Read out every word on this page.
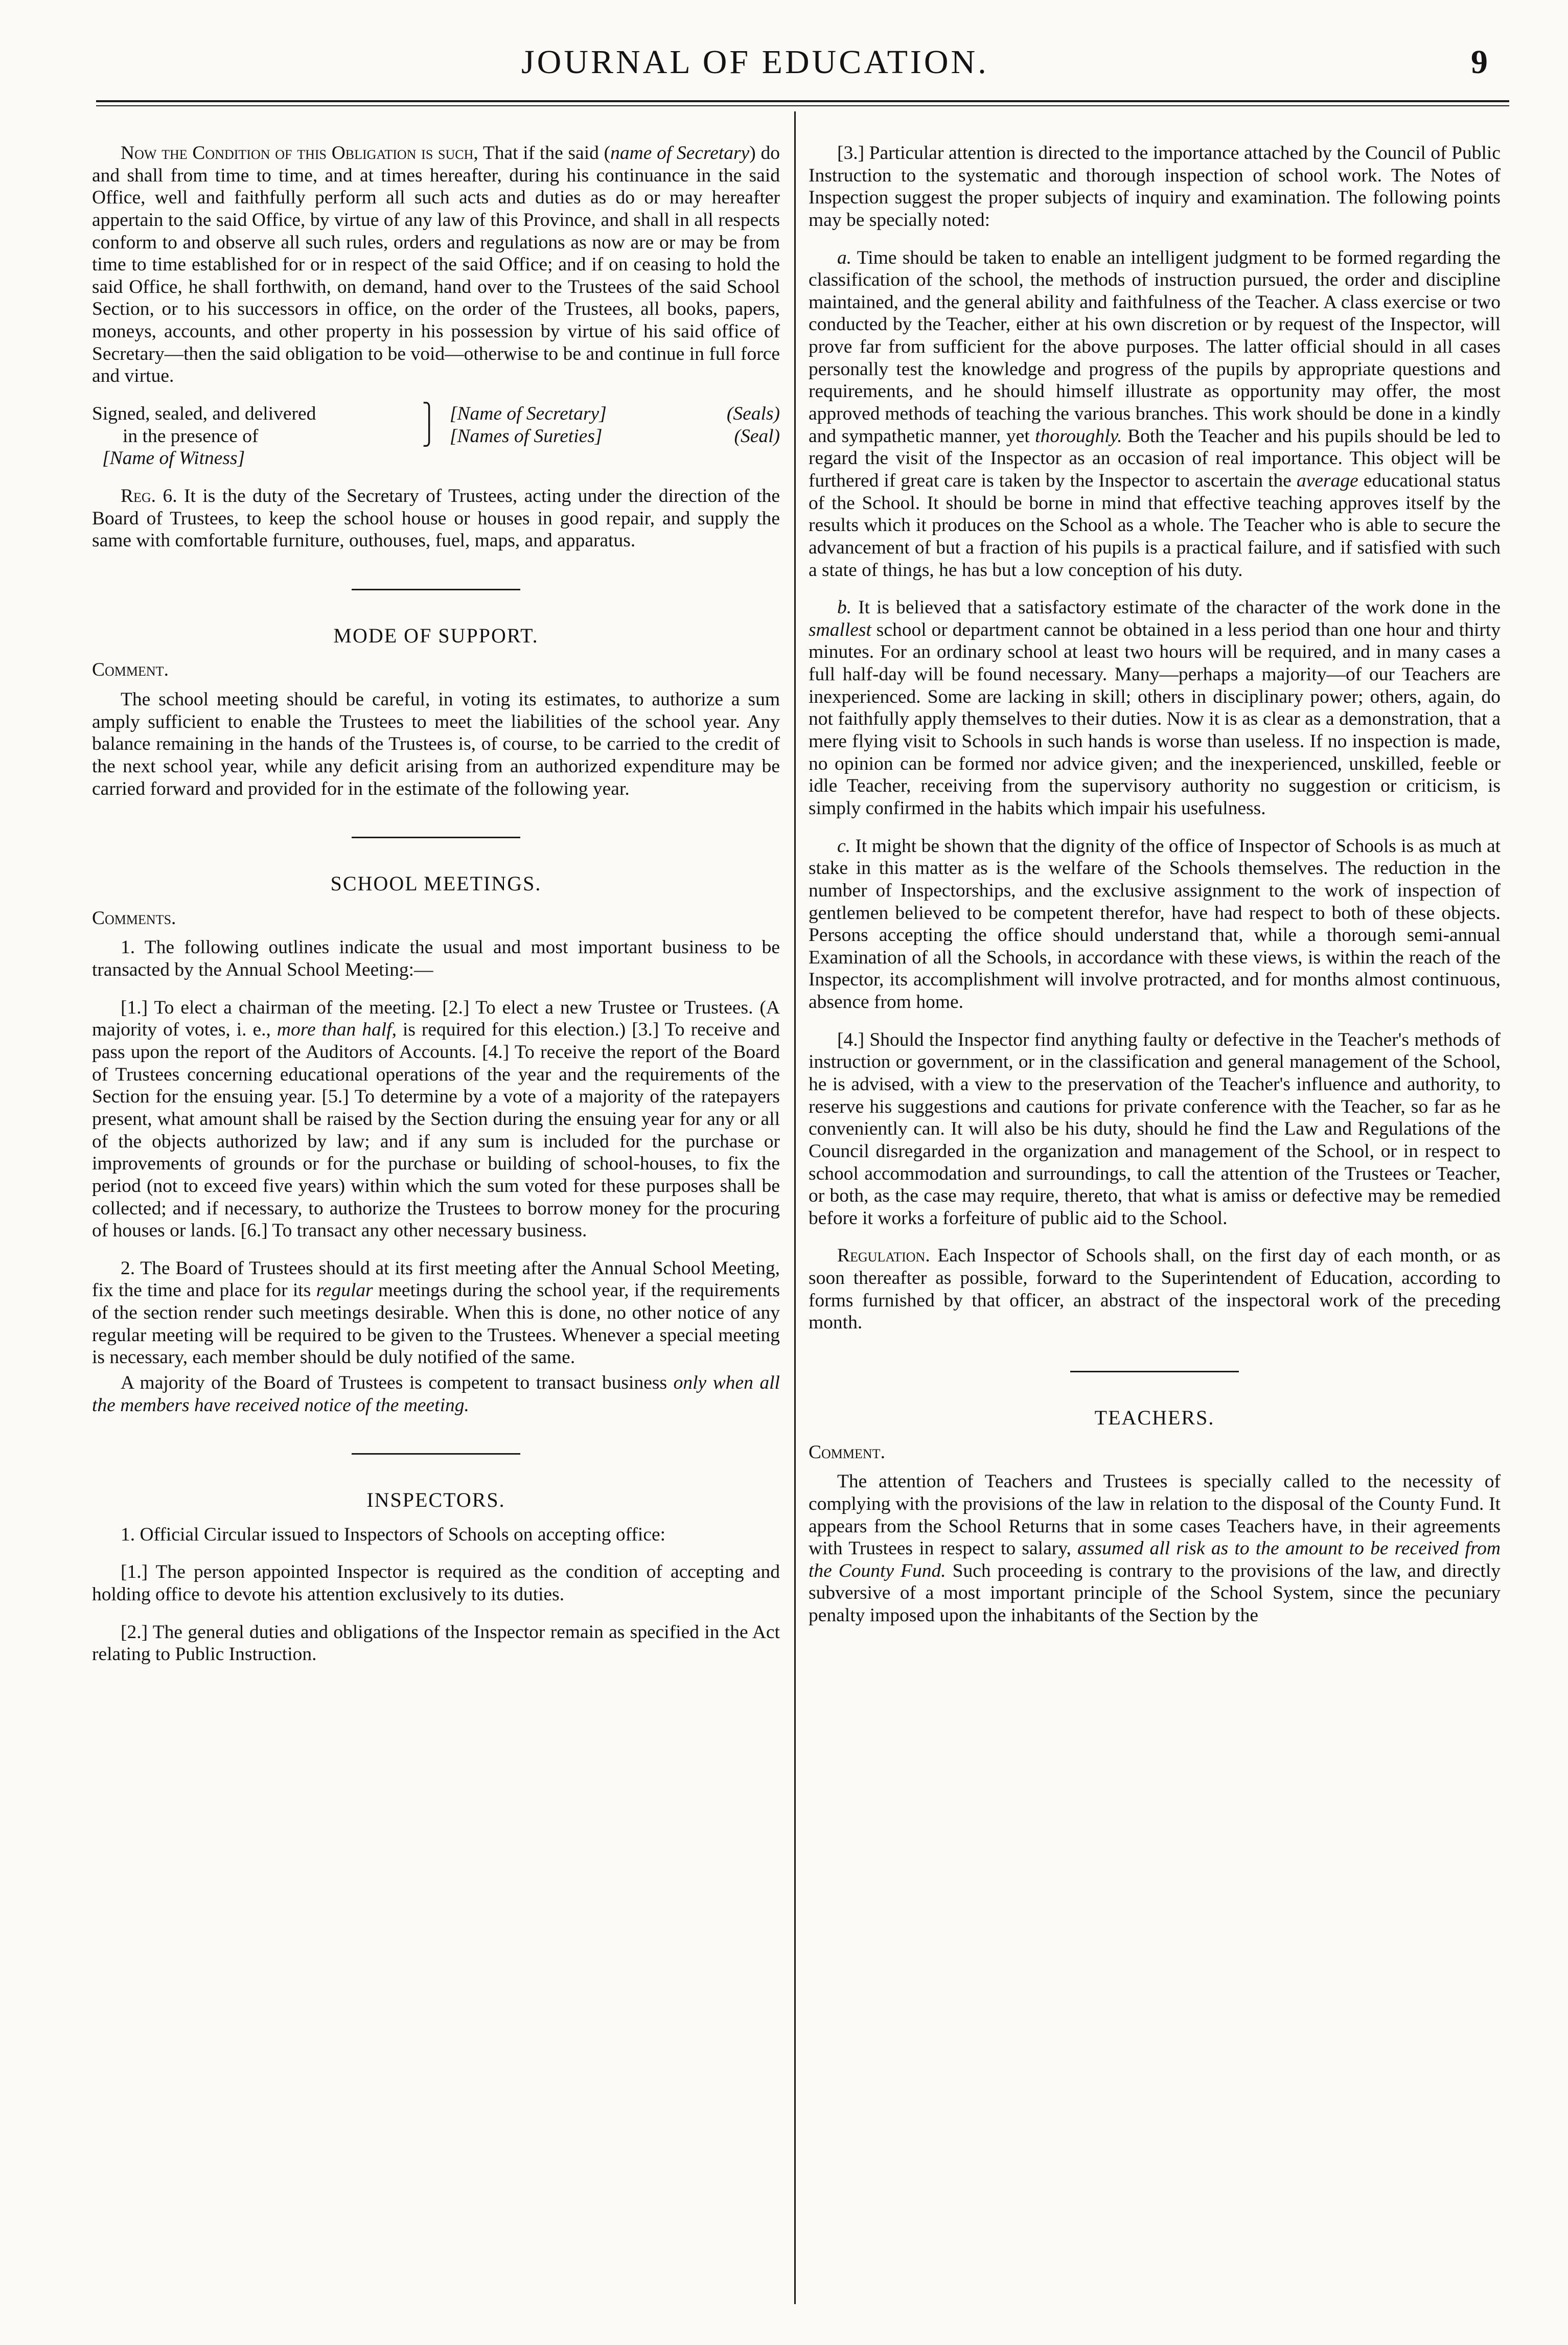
JOURNAL OF EDUCATION.	9

Now the Condition of this Obligation is such, That if the said (name of Secretary) do and shall from time to time, and at times hereafter, during his continuance in the said Office, well and faithfully perform all such acts and duties as do or may hereafter appertain to the said Office, by virtue of any law of this Province, and shall in all respects conform to and observe all such rules, orders and regulations as now are or may be from time to time established for or in respect of the said Office; and if on ceasing to hold the said Office, he shall forthwith, on demand, hand over to the Trustees of the said School Section, or to his successors in office, on the order of the Trustees, all books, papers, moneys, accounts, and other property in his possession by virtue of his said office of Secretary—then the said obligation to be void—otherwise to be and continue in full force and virtue.

Signed, sealed, and delivered	⎫	[Name of Secretary]	(Seals)
in the presence of	⎭	[Names of Sureties]	(Seal)
[Name of Witness]			

Reg. 6. It is the duty of the Secretary of Trustees, acting under the direction of the Board of Trustees, to keep the school house or houses in good repair, and supply the same with comfortable furniture, outhouses, fuel, maps, and apparatus.

MODE OF SUPPORT.
Comment.

The school meeting should be careful, in voting its estimates, to authorize a sum amply sufficient to enable the Trustees to meet the liabilities of the school year. Any balance remaining in the hands of the Trustees is, of course, to be carried to the credit of the next school year, while any deficit arising from an authorized expenditure may be carried forward and provided for in the estimate of the following year.

SCHOOL MEETINGS.
Comments.

1. The following outlines indicate the usual and most important business to be transacted by the Annual School Meeting:—

[1.] To elect a chairman of the meeting. [2.] To elect a new Trustee or Trustees. (A majority of votes, i. e., more than half, is required for this election.) [3.] To receive and pass upon the report of the Auditors of Accounts. [4.] To receive the report of the Board of Trustees concerning educational operations of the year and the requirements of the Section for the ensuing year. [5.] To determine by a vote of a majority of the ratepayers present, what amount shall be raised by the Section during the ensuing year for any or all of the objects authorized by law; and if any sum is included for the purchase or improvements of grounds or for the purchase or building of school-houses, to fix the period (not to exceed five years) within which the sum voted for these purposes shall be collected; and if necessary, to authorize the Trustees to borrow money for the procuring of houses or lands. [6.] To transact any other necessary business.

2. The Board of Trustees should at its first meeting after the Annual School Meeting, fix the time and place for its regular meetings during the school year, if the requirements of the section render such meetings desirable. When this is done, no other notice of any regular meeting will be required to be given to the Trustees. Whenever a special meeting is necessary, each member should be duly notified of the same.

A majority of the Board of Trustees is competent to transact business only when all the members have received notice of the meeting.

INSPECTORS.

1. Official Circular issued to Inspectors of Schools on accepting office:

[1.] The person appointed Inspector is required as the condition of accepting and holding office to devote his attention exclusively to its duties.

[2.] The general duties and obligations of the Inspector remain as specified in the Act relating to Public Instruction.

[3.] Particular attention is directed to the importance attached by the Council of Public Instruction to the systematic and thorough inspection of school work. The Notes of Inspection suggest the proper subjects of inquiry and examination. The following points may be specially noted:

a. Time should be taken to enable an intelligent judgment to be formed regarding the classification of the school, the methods of instruction pursued, the order and discipline maintained, and the general ability and faithfulness of the Teacher. A class exercise or two conducted by the Teacher, either at his own discretion or by request of the Inspector, will prove far from sufficient for the above purposes. The latter official should in all cases personally test the knowledge and progress of the pupils by appropriate questions and requirements, and he should himself illustrate as opportunity may offer, the most approved methods of teaching the various branches. This work should be done in a kindly and sympathetic manner, yet thoroughly. Both the Teacher and his pupils should be led to regard the visit of the Inspector as an occasion of real importance. This object will be furthered if great care is taken by the Inspector to ascertain the average educational status of the School. It should be borne in mind that effective teaching approves itself by the results which it produces on the School as a whole. The Teacher who is able to secure the advancement of but a fraction of his pupils is a practical failure, and if satisfied with such a state of things, he has but a low conception of his duty.

b. It is believed that a satisfactory estimate of the character of the work done in the smallest school or department cannot be obtained in a less period than one hour and thirty minutes. For an ordinary school at least two hours will be required, and in many cases a full half-day will be found necessary. Many—perhaps a majority—of our Teachers are inexperienced. Some are lacking in skill; others in disciplinary power; others, again, do not faithfully apply themselves to their duties. Now it is as clear as a demonstration, that a mere flying visit to Schools in such hands is worse than useless. If no inspection is made, no opinion can be formed nor advice given; and the inexperienced, unskilled, feeble or idle Teacher, receiving from the supervisory authority no suggestion or criticism, is simply confirmed in the habits which impair his usefulness.

c. It might be shown that the dignity of the office of Inspector of Schools is as much at stake in this matter as is the welfare of the Schools themselves. The reduction in the number of Inspectorships, and the exclusive assignment to the work of inspection of gentlemen believed to be competent therefor, have had respect to both of these objects. Persons accepting the office should understand that, while a thorough semi-annual Examination of all the Schools, in accordance with these views, is within the reach of the Inspector, its accomplishment will involve protracted, and for months almost continuous, absence from home.

[4.] Should the Inspector find anything faulty or defective in the Teacher's methods of instruction or government, or in the classification and general management of the School, he is advised, with a view to the preservation of the Teacher's influence and authority, to reserve his suggestions and cautions for private conference with the Teacher, so far as he conveniently can. It will also be his duty, should he find the Law and Regulations of the Council disregarded in the organization and management of the School, or in respect to school accommodation and surroundings, to call the attention of the Trustees or Teacher, or both, as the case may require, thereto, that what is amiss or defective may be remedied before it works a forfeiture of public aid to the School.

Regulation. Each Inspector of Schools shall, on the first day of each month, or as soon thereafter as possible, forward to the Superintendent of Education, according to forms furnished by that officer, an abstract of the inspectoral work of the preceding month.

TEACHERS.
Comment.

The attention of Teachers and Trustees is specially called to the necessity of complying with the provisions of the law in relation to the disposal of the County Fund. It appears from the School Returns that in some cases Teachers have, in their agreements with Trustees in respect to salary, assumed all risk as to the amount to be received from the County Fund. Such proceeding is contrary to the provisions of the law, and directly subversive of a most important principle of the School System, since the pecuniary penalty imposed upon the inhabitants of the Section by the
